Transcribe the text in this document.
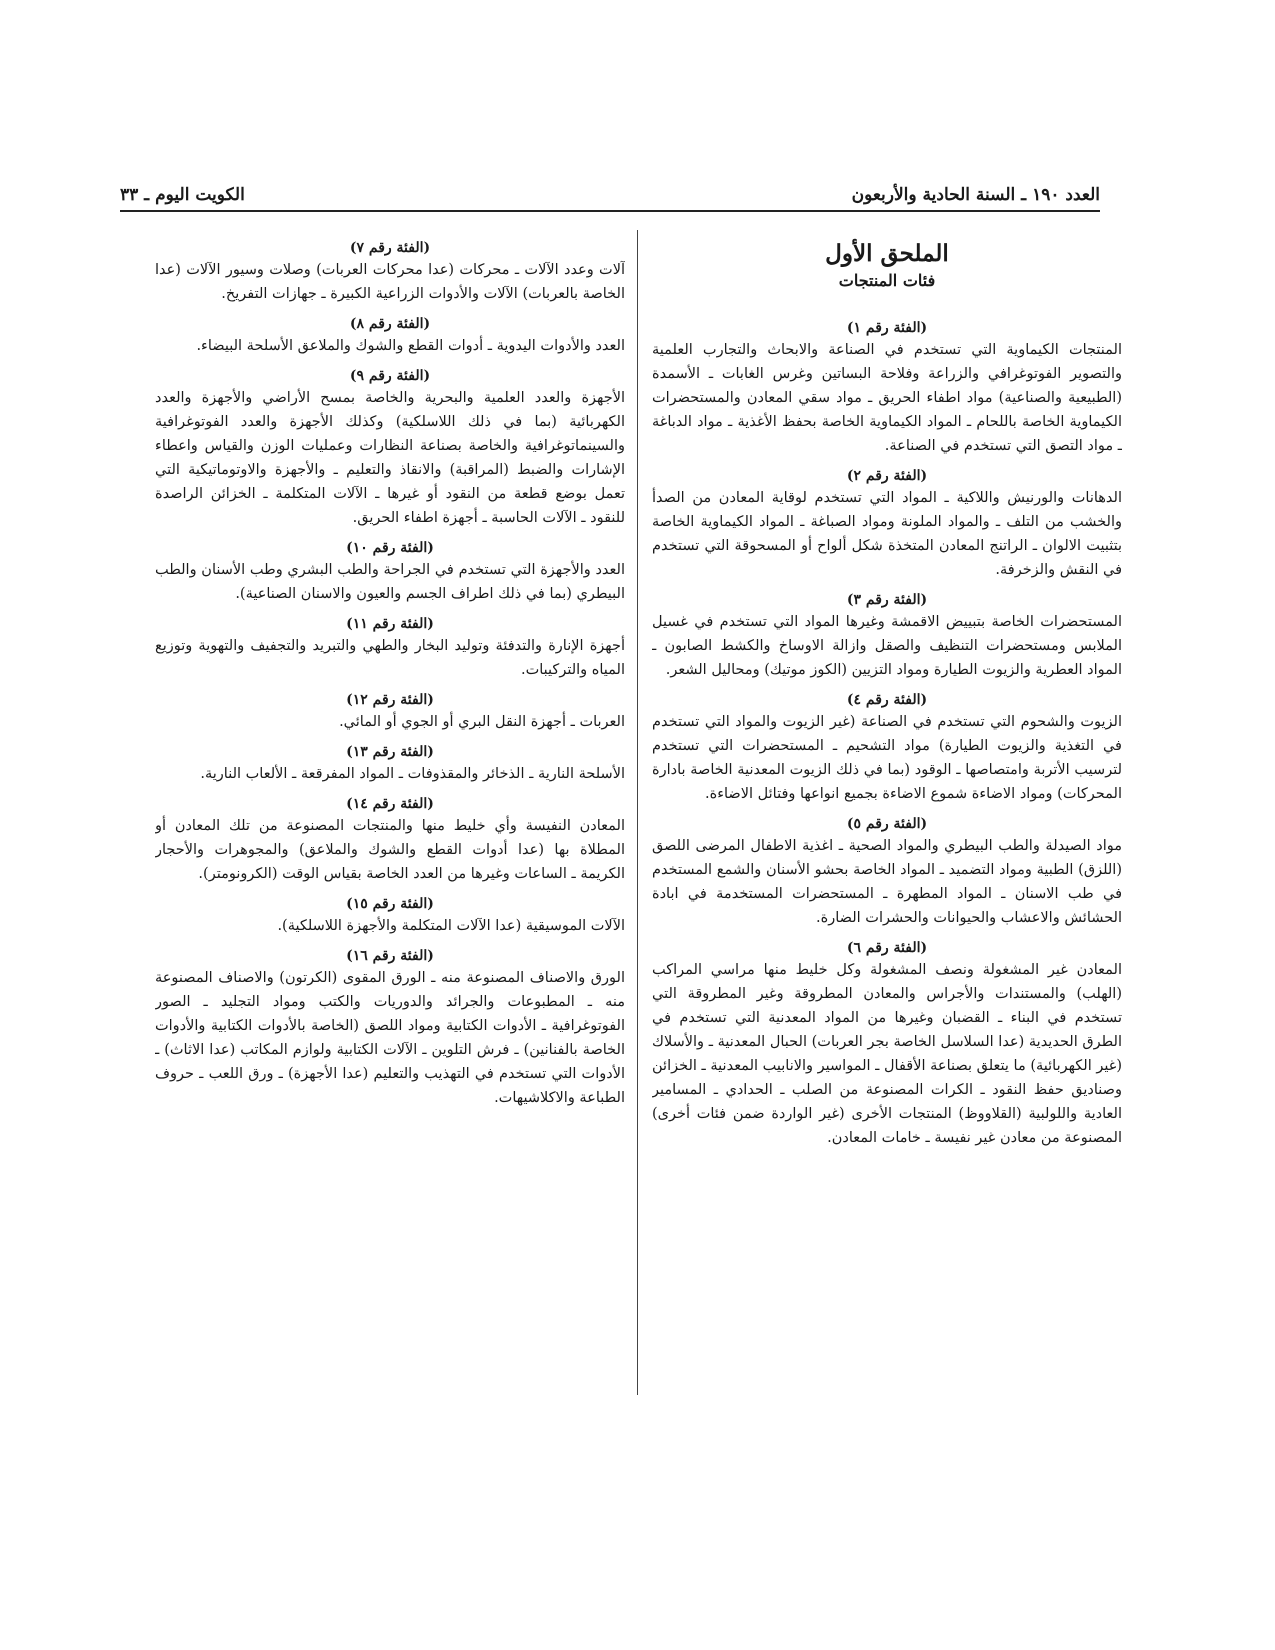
العدد ١٩٠ ـ السنة الحادية والأربعون
الكويت اليوم ـ ٣٣
الملحق الأول
فئات المنتجات
(الفئة رقم ١)
المنتجات الكيماوية التي تستخدم في الصناعة والابحاث والتجارب العلمية والتصوير الفوتوغرافي والزراعة وفلاحة البساتين وغرس الغابات ـ الأسمدة (الطبيعية والصناعية) مواد اطفاء الحريق ـ مواد سقي المعادن والمستحضرات الكيماوية الخاصة باللحام ـ المواد الكيماوية الخاصة بحفظ الأغذية ـ مواد الدباغة ـ مواد التصق التي تستخدم في الصناعة.
(الفئة رقم ٢)
الدهانات والورنيش واللاكية ـ المواد التي تستخدم لوقاية المعادن من الصدأ والخشب من التلف ـ والمواد الملونة ومواد الصباغة ـ المواد الكيماوية الخاصة بتثبيت الالوان ـ الراتنج المعادن المتخذة شكل ألواح أو المسحوقة التي تستخدم في النقش والزخرفة.
(الفئة رقم ٣)
المستحضرات الخاصة بتبييض الاقمشة وغيرها المواد التي تستخدم في غسيل الملابس ومستحضرات التنظيف والصقل وازالة الاوساخ والكشط الصابون ـ المواد العطرية والزيوت الطيارة ومواد التزيين (الكوز موتيك) ومحاليل الشعر.
(الفئة رقم ٤)
الزيوت والشحوم التي تستخدم في الصناعة (غير الزيوت والمواد التي تستخدم في التغذية والزيوت الطيارة) مواد التشحيم ـ المستحضرات التي تستخدم لترسيب الأتربة وامتصاصها ـ الوقود (بما في ذلك الزيوت المعدنية الخاصة بادارة المحركات) ومواد الاضاءة شموع الاضاءة بجميع انواعها وفتائل الاضاءة.
(الفئة رقم ٥)
مواد الصيدلة والطب البيطري والمواد الصحية ـ اغذية الاطفال المرضى اللصق (اللزق) الطبية ومواد التضميد ـ المواد الخاصة بحشو الأسنان والشمع المستخدم في طب الاسنان ـ المواد المطهرة ـ المستحضرات المستخدمة في ابادة الحشائش والاعشاب والحيوانات والحشرات الضارة.
(الفئة رقم ٦)
المعادن غير المشغولة ونصف المشغولة وكل خليط منها مراسي المراكب (الهلب) والمستندات والأجراس والمعادن المطروقة وغير المطروقة التي تستخدم في البناء ـ القضبان وغيرها من المواد المعدنية التي تستخدم في الطرق الحديدية (عدا السلاسل الخاصة بجر العربات) الحبال المعدنية ـ والأسلاك (غير الكهربائية) ما يتعلق بصناعة الأقفال ـ المواسير والانابيب المعدنية ـ الخزائن وصناديق حفظ النقود ـ الكرات المصنوعة من الصلب ـ الحدادي ـ المسامير العادية واللولبية (القلاووظ) المنتجات الأخرى (غير الواردة ضمن فئات أخرى) المصنوعة من معادن غير نفيسة ـ خامات المعادن.
(الفئة رقم ٧)
آلات وعدد الآلات ـ محركات (عدا محركات العربات) وصلات وسيور الآلات (عدا الخاصة بالعربات) الآلات والأدوات الزراعية الكبيرة ـ جهازات التفريخ.
(الفئة رقم ٨)
العدد والأدوات اليدوية ـ أدوات القطع والشوك والملاعق الأسلحة البيضاء.
(الفئة رقم ٩)
الأجهزة والعدد العلمية والبحرية والخاصة بمسح الأراضي والأجهزة والعدد الكهربائية (بما في ذلك اللاسلكية) وكذلك الأجهزة والعدد الفوتوغرافية والسينماتوغرافية والخاصة بصناعة النظارات وعمليات الوزن والقياس واعطاء الإشارات والضبط (المراقبة) والانقاذ والتعليم ـ والأجهزة والاوتوماتيكية التي تعمل بوضع قطعة من النقود أو غيرها ـ الآلات المتكلمة ـ الخزائن الراصدة للنقود ـ الآلات الحاسبة ـ أجهزة اطفاء الحريق.
(الفئة رقم ١٠)
العدد والأجهزة التي تستخدم في الجراحة والطب البشري وطب الأسنان والطب البيطري (بما في ذلك اطراف الجسم والعيون والاسنان الصناعية).
(الفئة رقم ١١)
أجهزة الإنارة والتدفئة وتوليد البخار والطهي والتبريد والتجفيف والتهوية وتوزيع المياه والتركيبات.
(الفئة رقم ١٢)
العربات ـ أجهزة النقل البري أو الجوي أو المائي.
(الفئة رقم ١٣)
الأسلحة النارية ـ الذخائر والمقذوفات ـ المواد المفرقعة ـ الألعاب النارية.
(الفئة رقم ١٤)
المعادن النفيسة وأي خليط منها والمنتجات المصنوعة من تلك المعادن أو المطلاة بها (عدا أدوات القطع والشوك والملاعق) والمجوهرات والأحجار الكريمة ـ الساعات وغيرها من العدد الخاصة بقياس الوقت (الكرونومتر).
(الفئة رقم ١٥)
الآلات الموسيقية (عدا الآلات المتكلمة والأجهزة اللاسلكية).
(الفئة رقم ١٦)
الورق والاصناف المصنوعة منه ـ الورق المقوى (الكرتون) والاصناف المصنوعة منه ـ المطبوعات والجرائد والدوريات والكتب ومواد التجليد ـ الصور الفوتوغرافية ـ الأدوات الكتابية ومواد اللصق (الخاصة بالأدوات الكتابية والأدوات الخاصة بالفنانين) ـ فرش التلوين ـ الآلات الكتابية ولوازم المكاتب (عدا الاثاث) ـ الأدوات التي تستخدم في التهذيب والتعليم (عدا الأجهزة) ـ ورق اللعب ـ حروف الطباعة والاكلاشيهات.
